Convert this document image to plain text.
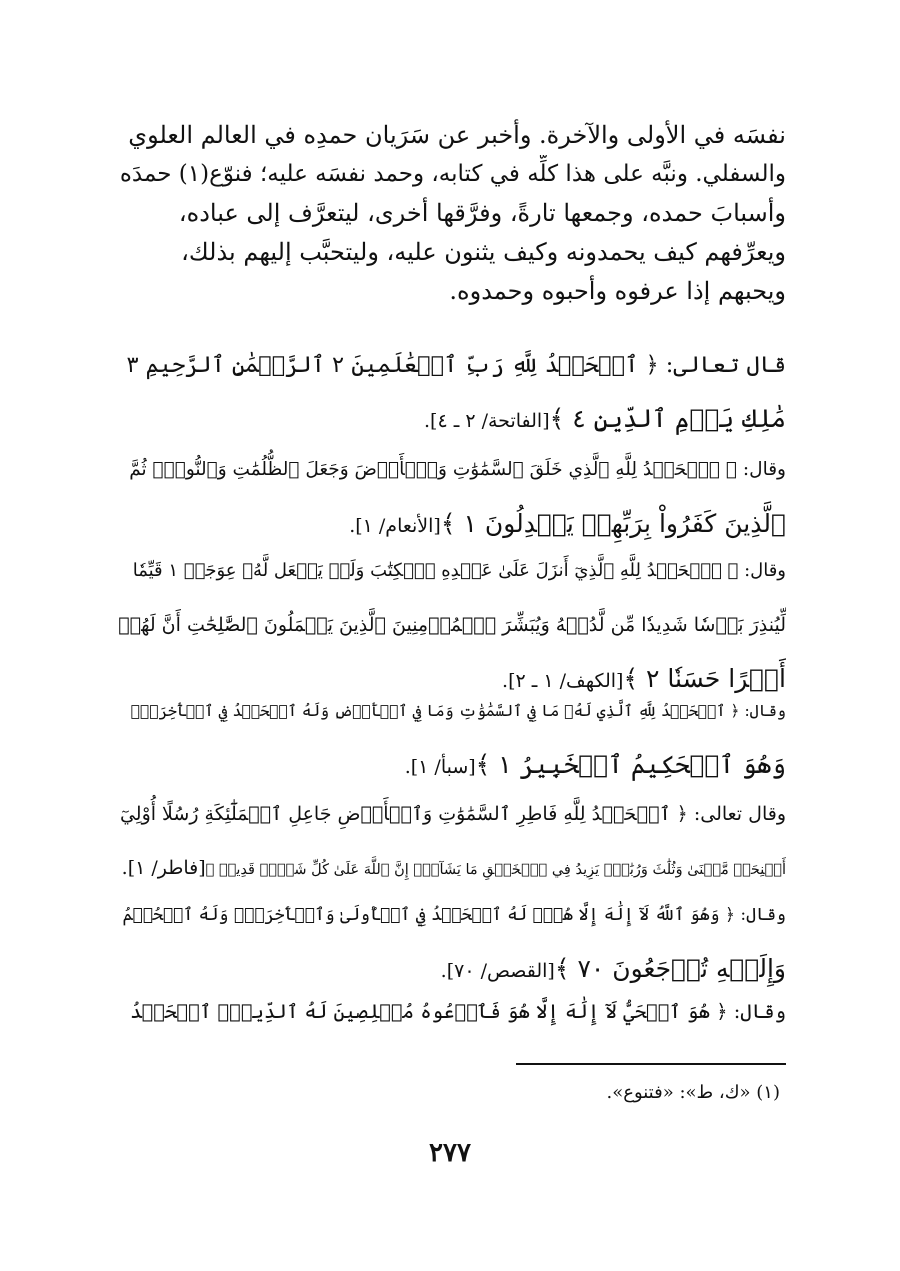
نفسَه في الأولى والآخرة. وأخبر عن سَرَيان حمدِه في العالم العلوي
والسفلي. ونبَّه على هذا كلِّه في كتابه، وحمد نفسَه عليه؛ فنوّع(١) حمدَه
وأسبابَ حمده، وجمعها تارةً، وفرَّقها أخرى، ليتعرَّف إلى عباده،
ويعرِّفهم كيف يحمدونه وكيف يثنون عليه، وليتحبَّب إليهم بذلك،
ويحبهم إذا عرفوه وأحبوه وحمدوه.
قال تعالى: ﴿ ٱلۡحَمۡدُ لِلَّهِ رَبِّ ٱلۡعَٰلَمِينَ ٢ ٱلرَّحۡمَٰنِ ٱلرَّحِيمِ ٣
مَٰلِكِ يَوۡمِ ٱلدِّينِ ٤ ﴾[الفاتحة/ ٢ ـ ٤].
وقال: ﴿ ٱلۡحَمۡدُ لِلَّهِ ٱلَّذِي خَلَقَ ٱلسَّمَٰوَٰتِ وَٱلۡأَرۡضَ وَجَعَلَ ٱلظُّلُمَٰتِ وَٱلنُّورَۖ ثُمَّ
ٱلَّذِينَ كَفَرُواْ بِرَبِّهِمۡ يَعۡدِلُونَ ١ ﴾[الأنعام/ ١].
وقال: ﴿ ٱلۡحَمۡدُ لِلَّهِ ٱلَّذِيٓ أَنزَلَ عَلَىٰ عَبۡدِهِ ٱلۡكِتَٰبَ وَلَمۡ يَجۡعَل لَّهُۥ عِوَجَاۜ ١ قَيِّمٗا
لِّيُنذِرَ بَأۡسٗا شَدِيدٗا مِّن لَّدُنۡهُ وَيُبَشِّرَ ٱلۡمُؤۡمِنِينَ ٱلَّذِينَ يَعۡمَلُونَ ٱلصَّٰلِحَٰتِ أَنَّ لَهُمۡ
أَجۡرًا حَسَنٗا ٢ ﴾[الكهف/ ١ ـ ٢].
وقال: ﴿ ٱلۡحَمۡدُ لِلَّهِ ٱلَّذِي لَهُۥ مَا فِي ٱلسَّمَٰوَٰتِ وَمَا فِي ٱلۡأَرۡضِ وَلَهُ ٱلۡحَمۡدُ فِي ٱلۡأٓخِرَةِۚ
وَهُوَ ٱلۡحَكِيمُ ٱلۡخَبِيرُ ١ ﴾[سبأ/ ١].
وقال تعالى: ﴿ ٱلۡحَمۡدُ لِلَّهِ فَاطِرِ ٱلسَّمَٰوَٰتِ وَٱلۡأَرۡضِ جَاعِلِ ٱلۡمَلَٰٓئِكَةِ رُسُلًا أُوْلِيٓ
أَجۡنِحَةٖ مَّثۡنَىٰ وَثُلَٰثَ وَرُبَٰعَۚ يَزِيدُ فِي ٱلۡخَلۡقِ مَا يَشَآءُۚ إِنَّ ٱللَّهَ عَلَىٰ كُلِّ شَيۡءٖ قَدِيرٞ ﴾[فاطر/ ١].
وقال: ﴿ وَهُوَ ٱللَّهُ لَآ إِلَٰهَ إِلَّا هُوَۖ لَهُ ٱلۡحَمۡدُ فِي ٱلۡأُولَىٰ وَٱلۡأٓخِرَةِۖ وَلَهُ ٱلۡحُكۡمُ
وَإِلَيۡهِ تُرۡجَعُونَ ٧٠ ﴾[القصص/ ٧٠].
وقال: ﴿ هُوَ ٱلۡحَيُّ لَآ إِلَٰهَ إِلَّا هُوَ فَٱدۡعُوهُ مُخۡلِصِينَ لَهُ ٱلدِّينَۗ ٱلۡحَمۡدُ
(١) «ك، ط»: «فتنوع».
٢٧٧
